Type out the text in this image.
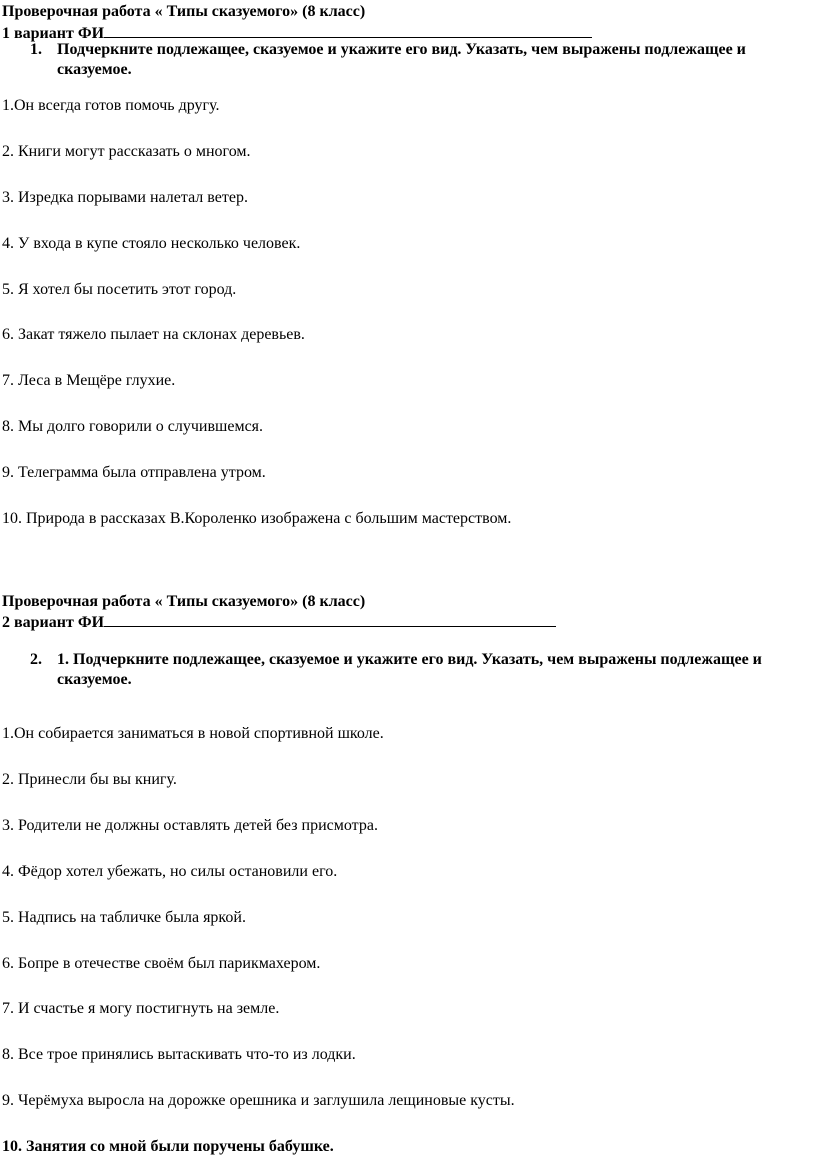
Проверочная работа « Типы сказуемого» (8 класс)
1 вариант ФИ
1. Подчеркните подлежащее, сказуемое и укажите его вид. Указать, чем выражены подлежащее и сказуемое.
1.Он всегда готов помочь другу.
2. Книги могут рассказать о многом.
3. Изредка порывами налетал ветер.
4. У входа в купе стояло несколько человек.
5. Я хотел бы посетить этот город.
6. Закат тяжело пылает на склонах деревьев.
7. Леса в Мещёре глухие.
8. Мы долго говорили о случившемся.
9. Телеграмма была отправлена утром.
10. Природа в рассказах В.Короленко изображена с большим мастерством.
Проверочная работа « Типы сказуемого» (8 класс)
2 вариант ФИ
2. 1. Подчеркните подлежащее, сказуемое и укажите его вид. Указать, чем выражены подлежащее и сказуемое.
1.Он собирается заниматься в новой спортивной школе.
2. Принесли бы вы книгу.
3. Родители не должны оставлять детей без присмотра.
4. Фёдор хотел убежать, но силы остановили его.
5. Надпись на табличке была яркой.
6. Бопре в отечестве своём был парикмахером.
7. И счастье я могу постигнуть на земле.
8. Все трое принялись вытаскивать что-то из лодки.
9. Черёмуха выросла на дорожке орешника и заглушила лещиновые кусты.
10. Занятия со мной были поручены бабушке.
